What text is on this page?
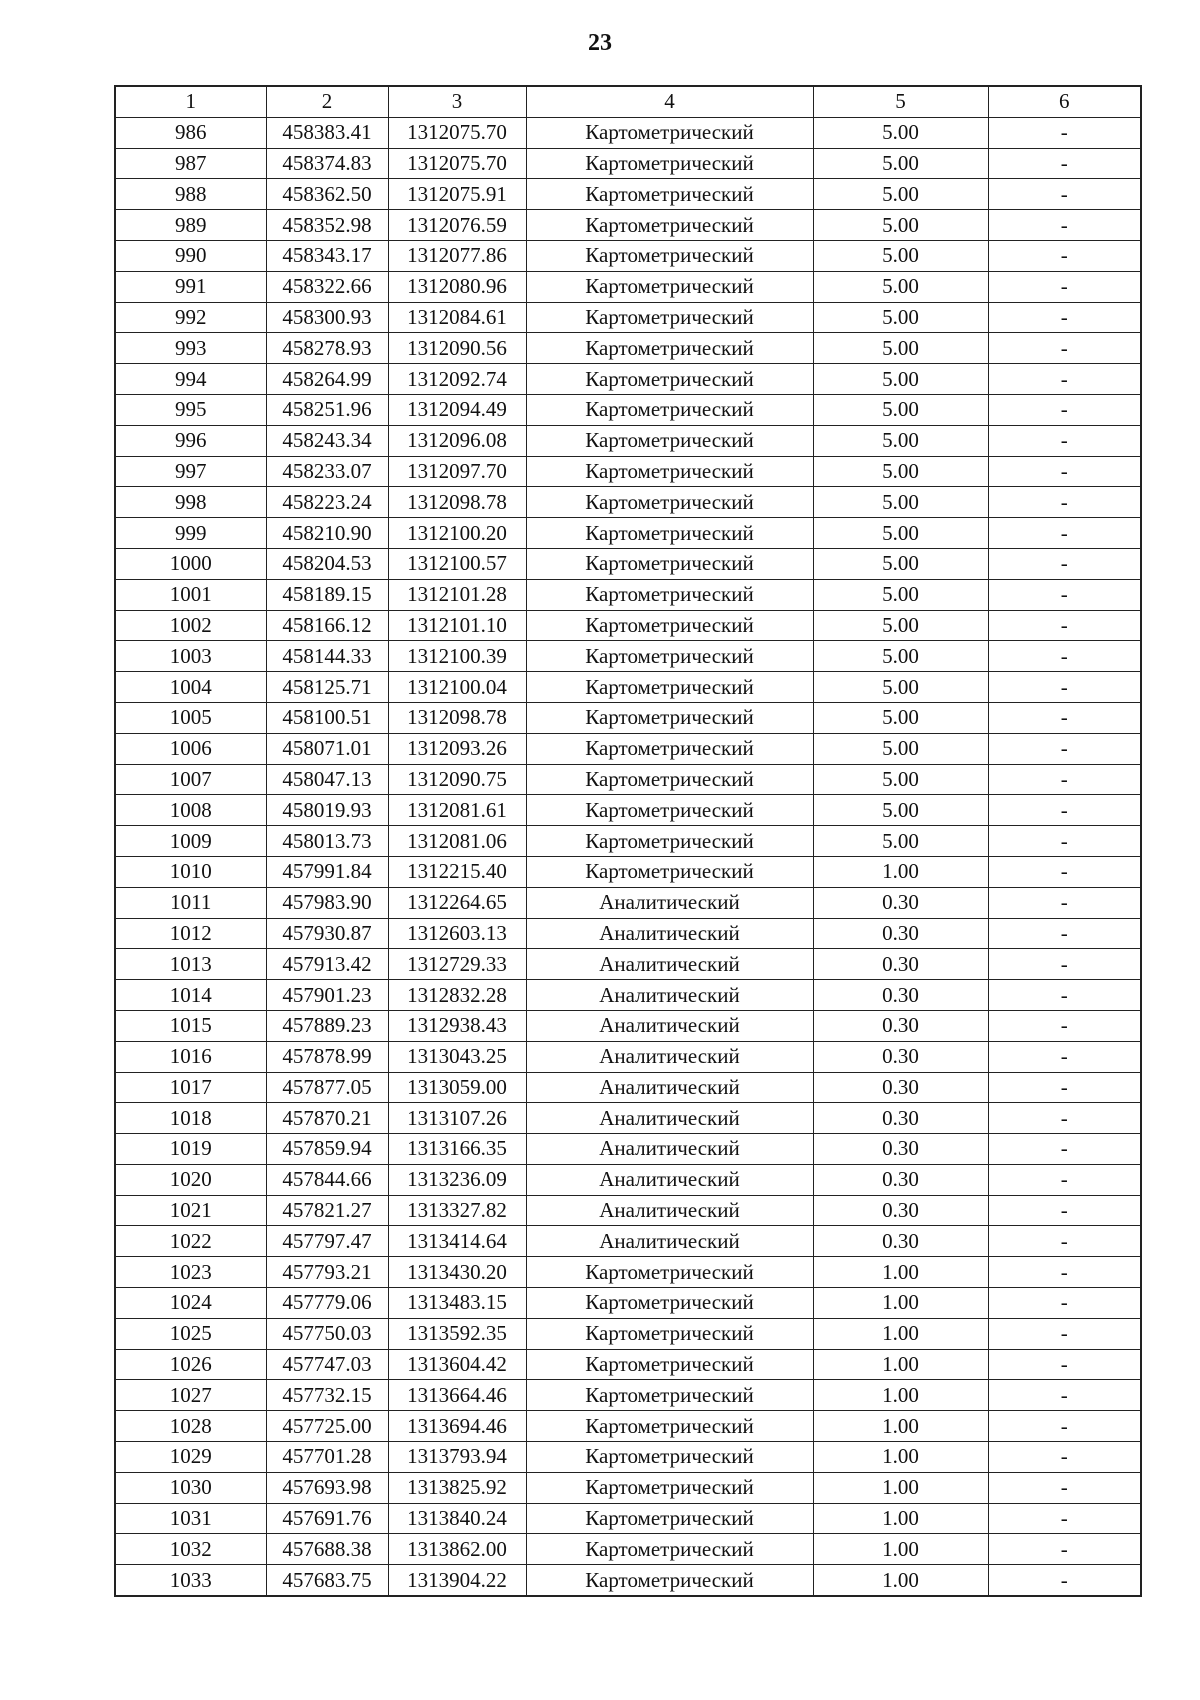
23
1	2	3	4	5	6
986	458383.41	1312075.70	Картометрический	5.00	-
987	458374.83	1312075.70	Картометрический	5.00	-
988	458362.50	1312075.91	Картометрический	5.00	-
989	458352.98	1312076.59	Картометрический	5.00	-
990	458343.17	1312077.86	Картометрический	5.00	-
991	458322.66	1312080.96	Картометрический	5.00	-
992	458300.93	1312084.61	Картометрический	5.00	-
993	458278.93	1312090.56	Картометрический	5.00	-
994	458264.99	1312092.74	Картометрический	5.00	-
995	458251.96	1312094.49	Картометрический	5.00	-
996	458243.34	1312096.08	Картометрический	5.00	-
997	458233.07	1312097.70	Картометрический	5.00	-
998	458223.24	1312098.78	Картометрический	5.00	-
999	458210.90	1312100.20	Картометрический	5.00	-
1000	458204.53	1312100.57	Картометрический	5.00	-
1001	458189.15	1312101.28	Картометрический	5.00	-
1002	458166.12	1312101.10	Картометрический	5.00	-
1003	458144.33	1312100.39	Картометрический	5.00	-
1004	458125.71	1312100.04	Картометрический	5.00	-
1005	458100.51	1312098.78	Картометрический	5.00	-
1006	458071.01	1312093.26	Картометрический	5.00	-
1007	458047.13	1312090.75	Картометрический	5.00	-
1008	458019.93	1312081.61	Картометрический	5.00	-
1009	458013.73	1312081.06	Картометрический	5.00	-
1010	457991.84	1312215.40	Картометрический	1.00	-
1011	457983.90	1312264.65	Аналитический	0.30	-
1012	457930.87	1312603.13	Аналитический	0.30	-
1013	457913.42	1312729.33	Аналитический	0.30	-
1014	457901.23	1312832.28	Аналитический	0.30	-
1015	457889.23	1312938.43	Аналитический	0.30	-
1016	457878.99	1313043.25	Аналитический	0.30	-
1017	457877.05	1313059.00	Аналитический	0.30	-
1018	457870.21	1313107.26	Аналитический	0.30	-
1019	457859.94	1313166.35	Аналитический	0.30	-
1020	457844.66	1313236.09	Аналитический	0.30	-
1021	457821.27	1313327.82	Аналитический	0.30	-
1022	457797.47	1313414.64	Аналитический	0.30	-
1023	457793.21	1313430.20	Картометрический	1.00	-
1024	457779.06	1313483.15	Картометрический	1.00	-
1025	457750.03	1313592.35	Картометрический	1.00	-
1026	457747.03	1313604.42	Картометрический	1.00	-
1027	457732.15	1313664.46	Картометрический	1.00	-
1028	457725.00	1313694.46	Картометрический	1.00	-
1029	457701.28	1313793.94	Картометрический	1.00	-
1030	457693.98	1313825.92	Картометрический	1.00	-
1031	457691.76	1313840.24	Картометрический	1.00	-
1032	457688.38	1313862.00	Картометрический	1.00	-
1033	457683.75	1313904.22	Картометрический	1.00	-
